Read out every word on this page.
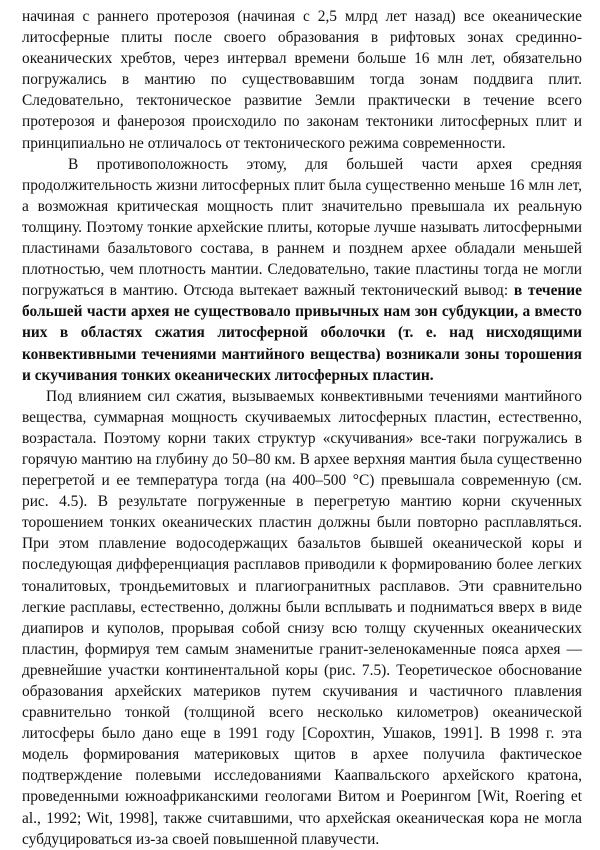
начиная с раннего протерозоя (начиная с 2,5 млрд лет назад) все океанические литосферные плиты после своего образования в рифтовых зонах срединно-океанических хребтов, через интервал времени больше 16 млн лет, обязательно погружались в мантию по существовавшим тогда зонам поддвига плит. Следовательно, тектоническое развитие Земли практически в течение всего протерозоя и фанерозоя происходило по законам тектоники литосферных плит и принципиально не отличалось от тектонического режима современности.

В противоположность этому, для большей части архея средняя продолжительность жизни литосферных плит была существенно меньше 16 млн лет, а возможная критическая мощность плит значительно превышала их реальную толщину. Поэтому тонкие архейские плиты, которые лучше называть литосферными пластинами базальтового состава, в раннем и позднем архее обладали меньшей плотностью, чем плотность мантии. Следовательно, такие пластины тогда не могли погружаться в мантию. Отсюда вытекает важный тектонический вывод: в течение большей части архея не существовало привычных нам зон субдукции, а вместо них в областях сжатия литосферной оболочки (т. е. над нисходящими конвективными течениями мантийного вещества) возникали зоны торошения и скучивания тонких океанических литосферных пластин.

Под влиянием сил сжатия, вызываемых конвективными течениями мантийного вещества, суммарная мощность скучиваемых литосферных пластин, естественно, возрастала. Поэтому корни таких структур «скучивания» все-таки погружались в горячую мантию на глубину до 50–80 км. В архее верхняя мантия была существенно перегретой и ее температура тогда (на 400–500 °С) превышала современную (см. рис. 4.5). В результате погруженные в перегретую мантию корни скученных торошением тонких океанических пластин должны были повторно расплавляться. При этом плавление водосодержащих базальтов бывшей океанической коры и последующая дифференциация расплавов приводили к формированию более легких тоналитовых, трондьемитовых и плагиогранитных расплавов. Эти сравнительно легкие расплавы, естественно, должны были всплывать и подниматься вверх в виде диапиров и куполов, прорывая собой снизу всю толщу скученных океанических пластин, формируя тем самым знаменитые гранит-зеленокаменные пояса архея — древнейшие участки континентальной коры (рис. 7.5). Теоретическое обоснование образования архейских материков путем скучивания и частичного плавления сравнительно тонкой (толщиной всего несколько километров) океанической литосферы было дано еще в 1991 году [Сорохтин, Ушаков, 1991]. В 1998 г. эта модель формирования материковых щитов в архее получила фактическое подтверждение полевыми исследованиями Каапвальского архейского кратона, проведенными южноафриканскими геологами Витом и Роерингом [Wit, Roering et al., 1992; Wit, 1998], также считавшими, что архейская океаническая кора не могла субдуцироваться из-за своей повышенной плавучести.
